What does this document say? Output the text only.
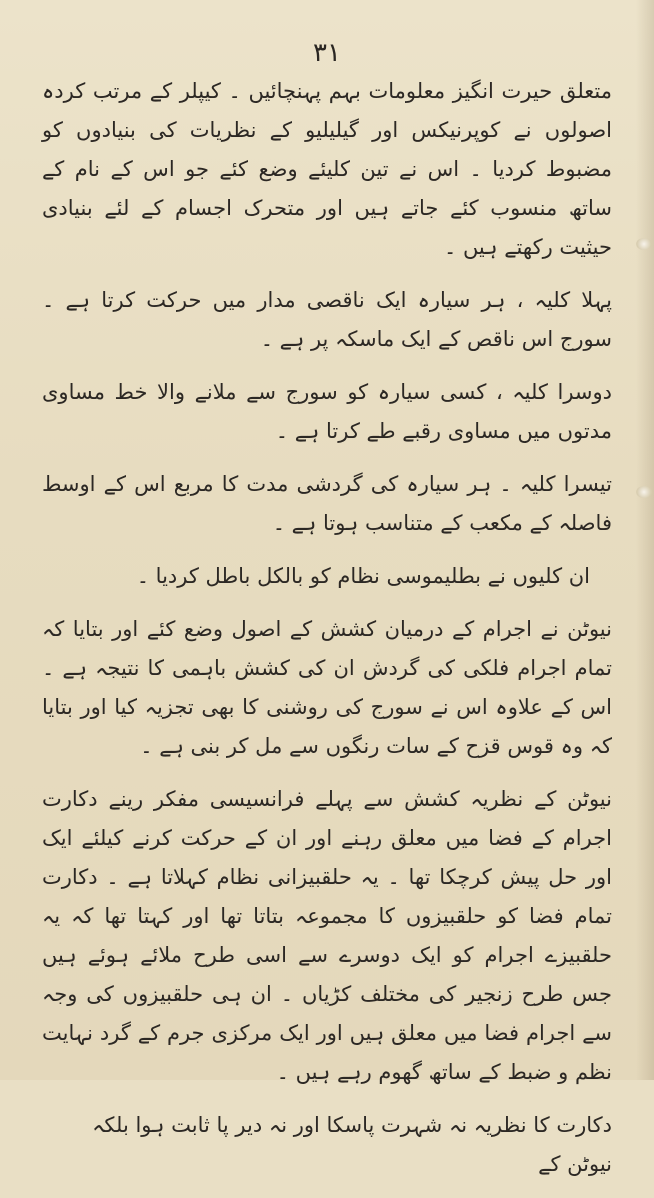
۳۱

متعلق حیرت انگیز معلومات بہم پہنچائیں ۔ کیپلر کے مرتب کردہ اصولوں نے کوپرنیکس اور گیلیلیو کے نظریات کی بنیادوں کو مضبوط کردیا ۔ اس نے تین کلیئے وضع کئے جو اس کے نام کے ساتھ منسوب کئے جاتے ہیں اور متحرک اجسام کے لئے بنیادی حیثیت رکھتے ہیں ۔

پہلا کلیہ ، ہر سیارہ ایک ناقصی مدار میں حرکت کرتا ہے ۔ سورج اس ناقص کے ایک ماسکہ پر ہے ۔

دوسرا کلیہ ، کسی سیارہ کو سورج سے ملانے والا خط مساوی مدتوں میں مساوی رقبے طے کرتا ہے ۔

تیسرا کلیہ ۔ ہر سیارہ کی گردشی مدت کا مربع اس کے اوسط فاصلہ کے مکعب کے متناسب ہوتا ہے ۔

ان کلیوں نے بطلیموسی نظام کو بالکل باطل کردیا ۔

نیوٹن نے اجرام کے درمیان کشش کے اصول وضع کئے اور بتایا کہ تمام اجرام فلکی کی گردش ان کی کشش باہمی کا نتیجہ ہے ۔ اس کے علاوہ اس نے سورج کی روشنی کا بھی تجزیہ کیا اور بتایا کہ وہ قوس قزح کے سات رنگوں سے مل کر بنی ہے ۔

نیوٹن کے نظریہ کشش سے پہلے فرانسیسی مفکر رینے دکارت اجرام کے فضا میں معلق رہنے اور ان کے حرکت کرنے کیلئے ایک اور حل پیش کرچکا تھا ۔ یہ حلقبیزانی نظام کہلاتا ہے ۔ دکارت تمام فضا کو حلقبیزوں کا مجموعہ بتاتا تھا اور کہتا تھا کہ یہ حلقبیزے اجرام کو ایک دوسرے سے اسی طرح ملائے ہوئے ہیں جس طرح زنجیر کی مختلف کڑیاں ۔ ان ہی حلقبیزوں کی وجہ سے اجرام فضا میں معلق ہیں اور ایک مرکزی جرم کے گرد نہایت نظم و ضبط کے ساتھ گھوم رہے ہیں ۔

دکارت کا نظریہ نہ شہرت پاسکا اور نہ دیر پا ثابت ہوا بلکہ نیوٹن کے
